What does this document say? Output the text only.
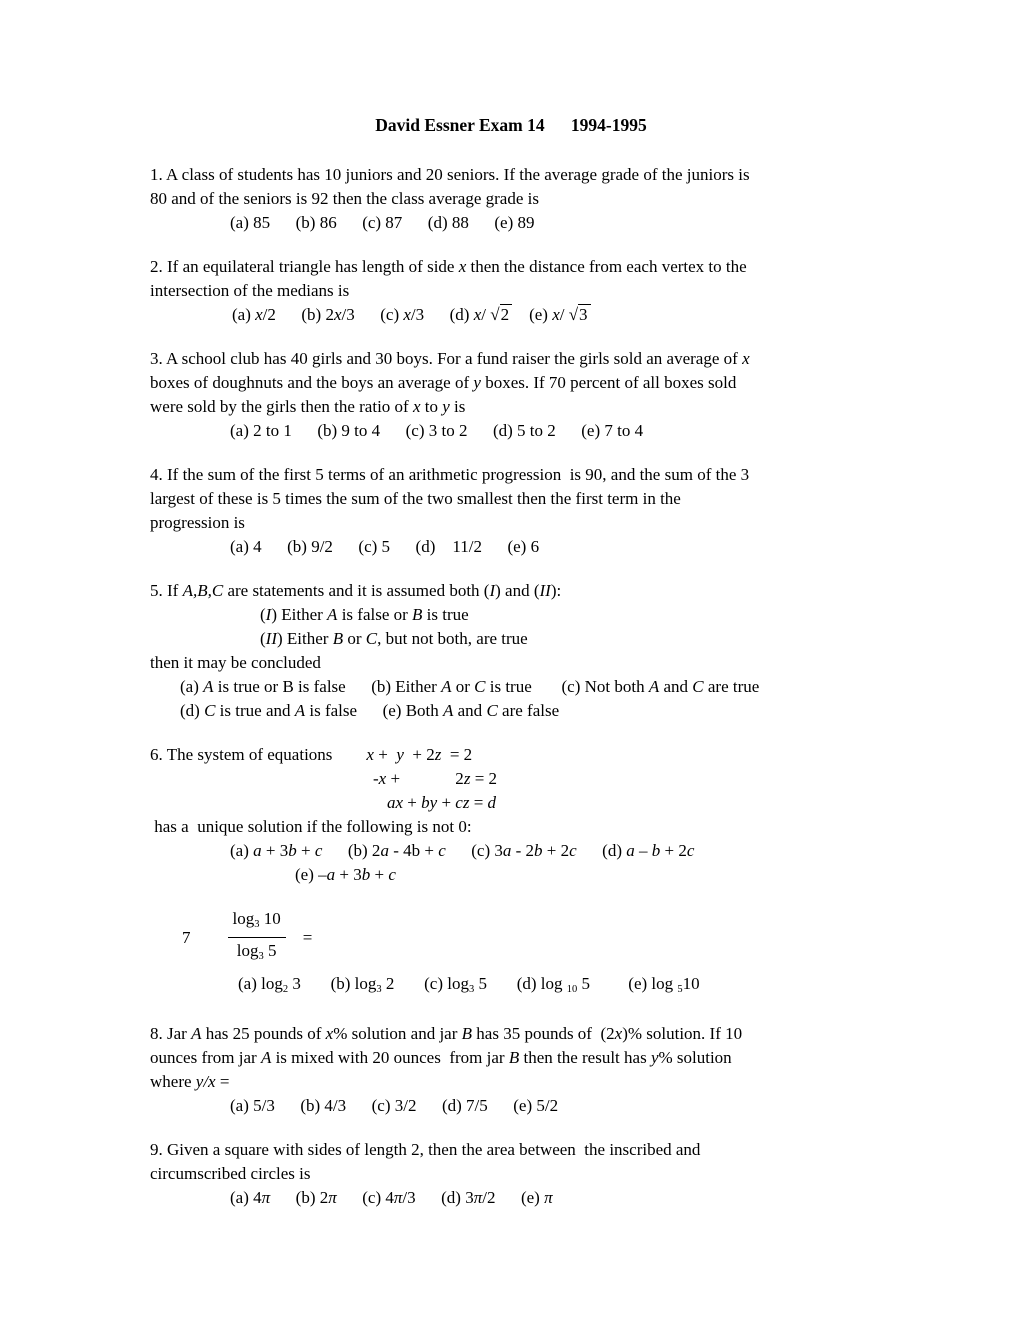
David Essner Exam 14      1994-1995
1. A class of students has 10 juniors and 20 seniors. If the average grade of the juniors is
80 and of the seniors is 92 then the class average grade is
(a) 85      (b) 86      (c) 87      (d) 88      (e) 89
2. If an equilateral triangle has length of side x then the distance from each vertex to the
intersection of the medians is
(a) x/2      (b) 2x/3      (c) x/3      (d) x/ √2    (e) x/ √3
3. A school club has 40 girls and 30 boys. For a fund raiser the girls sold an average of x
boxes of doughnuts and the boys an average of y boxes. If 70 percent of all boxes sold
were sold by the girls then the ratio of x to y is
(a) 2 to 1      (b) 9 to 4      (c) 3 to 2      (d) 5 to 2      (e) 7 to 4
4. If the sum of the first 5 terms of an arithmetic progression  is 90, and the sum of the 3
largest of these is 5 times the sum of the two smallest then the first term in the
progression is
(a) 4      (b) 9/2      (c) 5      (d)    11/2      (e) 6
5. If A,B,C are statements and it is assumed both (I) and (II):
(I) Either A is false or B is true
(II) Either B or C, but not both, are true
then it may be concluded
(a) A is true or B is false      (b) Either A or C is true       (c) Not both A and C are true
(d) C is true and A is false      (e) Both A and C are false
6. The system of equations        x +  y  + 2z  = 2
-x +             2z = 2
ax + by + cz = d
has a  unique solution if the following is not 0:
(a) a + 3b + c      (b) 2a - 4b + c      (c) 3a - 2b + 2c      (d) a – b + 2c
(e) –a + 3b + c
$7 \frac{\log_3 10}{\log_3 5}$ =
(a) $\log_2 3$       (b) $\log_3 2$       (c) $\log_3 5$       (d) log $_{10}$ 5         (e) log $_5$10
8. Jar A has 25 pounds of x% solution and jar B has 35 pounds of  (2x)% solution. If 10
ounces from jar A is mixed with 20 ounces  from jar B then the result has y% solution
where y/x =
(a) 5/3      (b) 4/3      (c) 3/2      (d) 7/5      (e) 5/2
9. Given a square with sides of length 2, then the area between  the inscribed and
circumscribed circles is
(a) 4π      (b) 2π      (c) 4π/3      (d) 3π/2      (e) π
